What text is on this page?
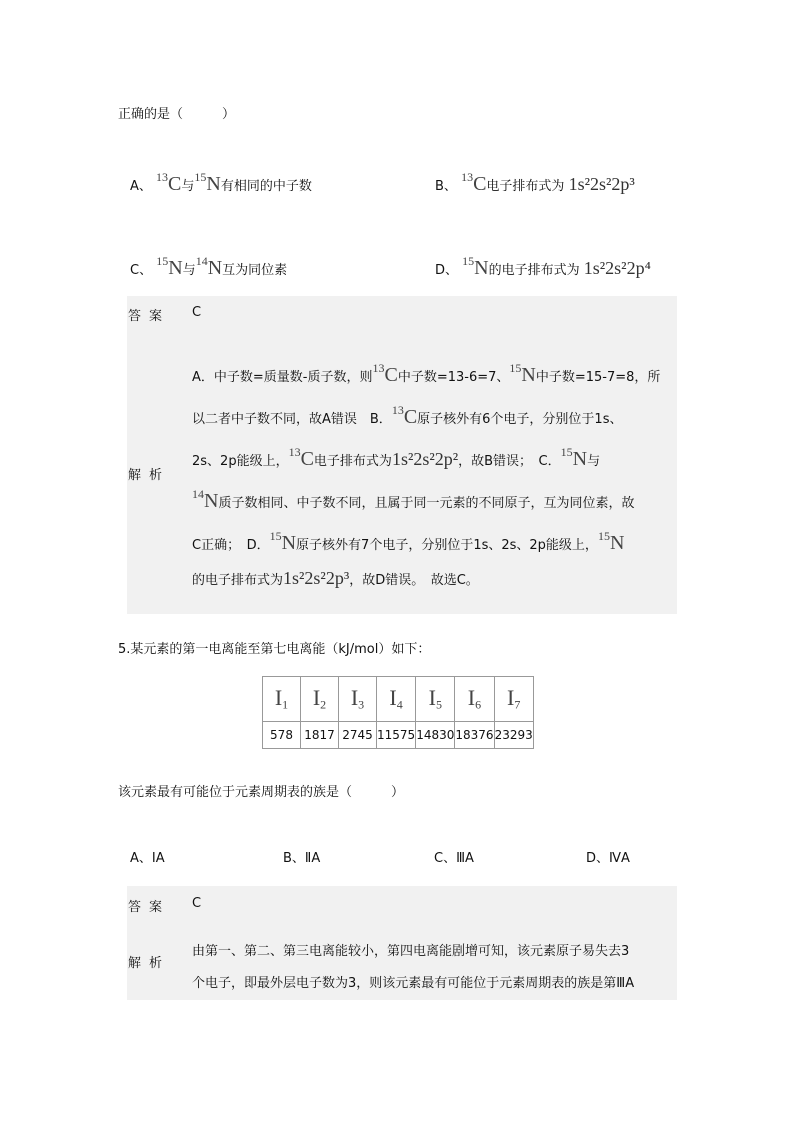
正确的是（　　　）
A、 13C与15N有相同的中子数	B、 13C电子排布式为 1s²2s²2p³
C、 15N与14N互为同位素	D、 15N的电子排布式为 1s²2s²2p⁴
答案 C
解析
A．中子数=质量数-质子数，则13C中子数=13-6=7、15N中子数=15-7=8，所
以二者中子数不同，故A错误　B．13C原子核外有6个电子，分别位于1s、
2s、2p能级上，13C电子排布式为1s²2s²2p²，故B错误；　C．15N与
14N质子数相同、中子数不同，且属于同一元素的不同原子，互为同位素，故
C正确；　D．15N原子核外有7个电子，分别位于1s、2s、2p能级上，15N
的电子排布式为1s²2s²2p³，故D错误。　故选C。
5.某元素的第一电离能至第七电离能（kJ/mol）如下：
$I_1$	$I_2$	$I_3$	$I_4$	$I_5$	$I_6$	$I_7$
578	1817	2745	11575	14830	18376	23293
该元素最有可能位于元素周期表的族是（　　　）
A、ⅠA	B、ⅡA	C、ⅢA	D、ⅣA
答案 C
解析
由第一、第二、第三电离能较小，第四电离能剧增可知，该元素原子易失去3
个电子，即最外层电子数为3，则该元素最有可能位于元素周期表的族是第ⅢA
